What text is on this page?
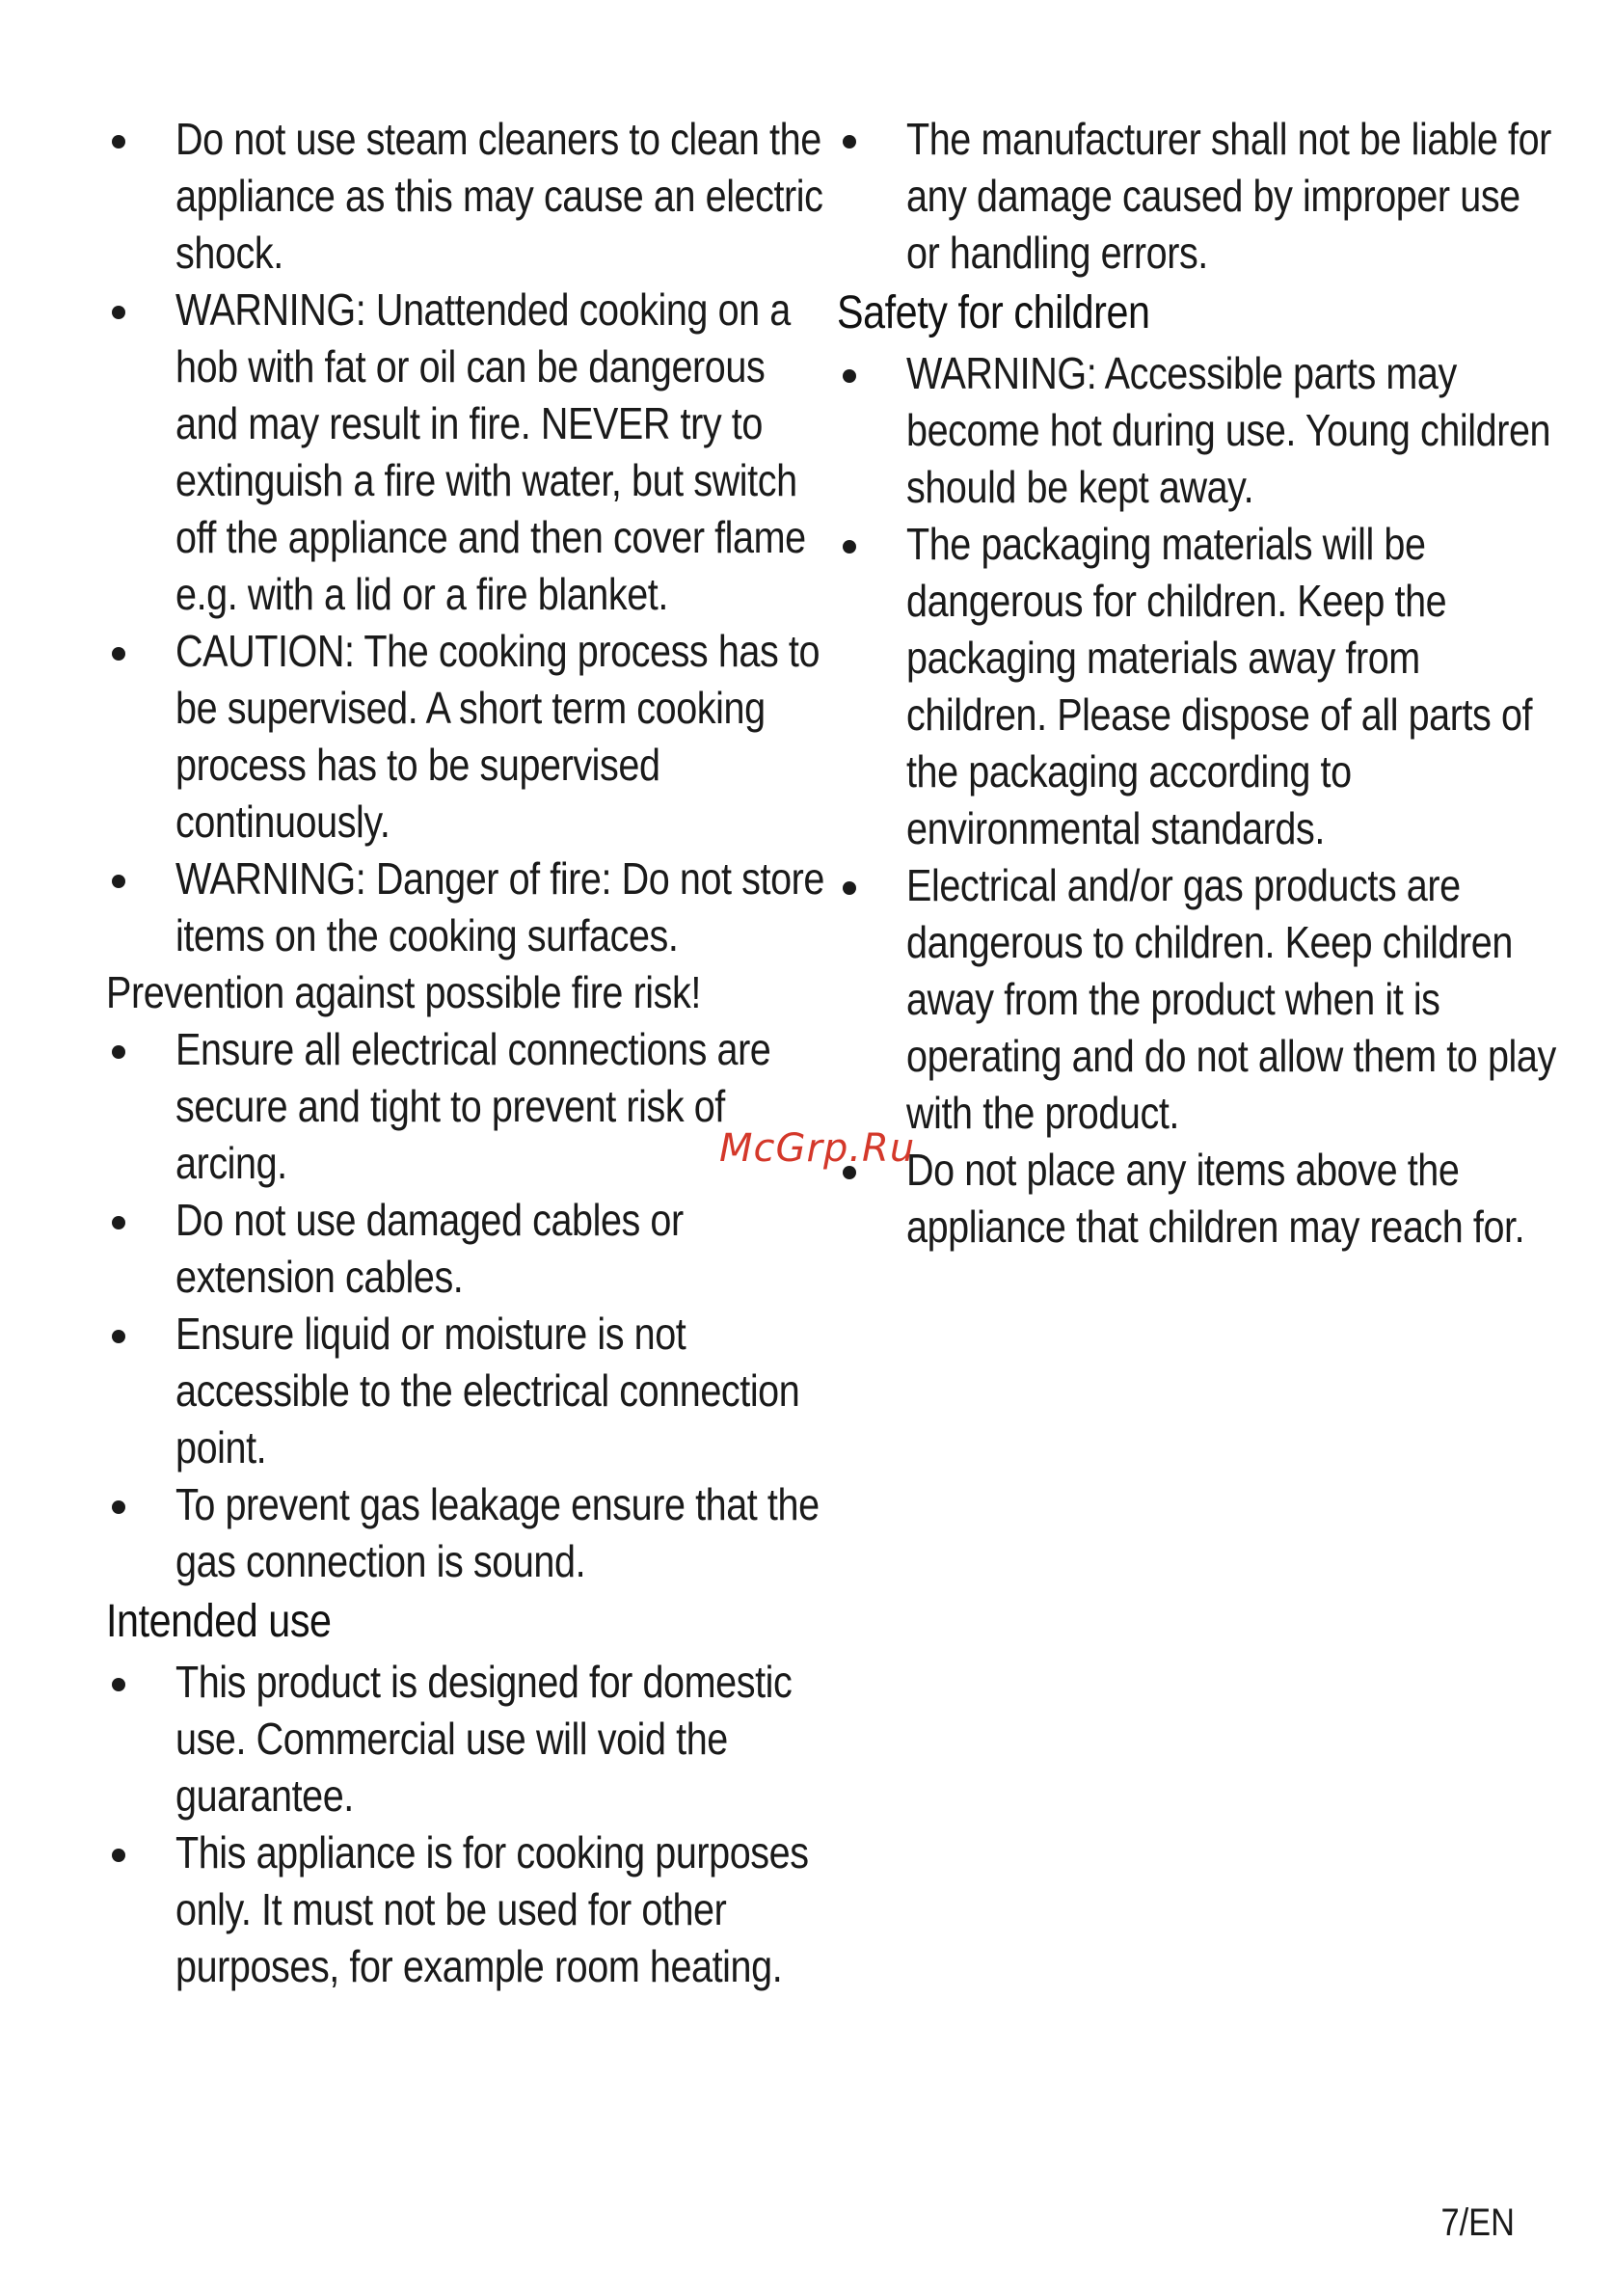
Do not use steam cleaners to clean the appliance as this may cause an electric shock.
WARNING: Unattended cooking on a hob with fat or oil can be dangerous and may result in fire. NEVER try to extinguish a fire with water, but switch off the appliance and then cover flame e.g. with a lid or a fire blanket.
CAUTION: The cooking process has to be supervised. A short term cooking process has to be supervised continuously.
WARNING: Danger of fire: Do not store items on the cooking surfaces.
Prevention against possible fire risk!
Ensure all electrical connections are secure and tight to prevent risk of arcing.
Do not use damaged cables or extension cables.
Ensure liquid or moisture is not accessible to the electrical connection point.
To prevent gas leakage ensure that the gas connection is sound.
Intended use
This product is designed for domestic use. Commercial use will void the guarantee.
This appliance is for cooking purposes only. It must not be used for other purposes, for example room heating.
The manufacturer shall not be liable for any damage caused by improper use or handling errors.
Safety for children
WARNING: Accessible parts may become hot during use. Young children should be kept away.
The packaging materials will be dangerous for children. Keep the packaging materials away from children. Please dispose of all parts of the packaging according to environmental standards.
Electrical and/or gas products are dangerous to children. Keep children away from the product when it is operating and do not allow them to play with the product.
Do not place any items above the appliance that children may reach for.
McGrp.Ru
7/EN
